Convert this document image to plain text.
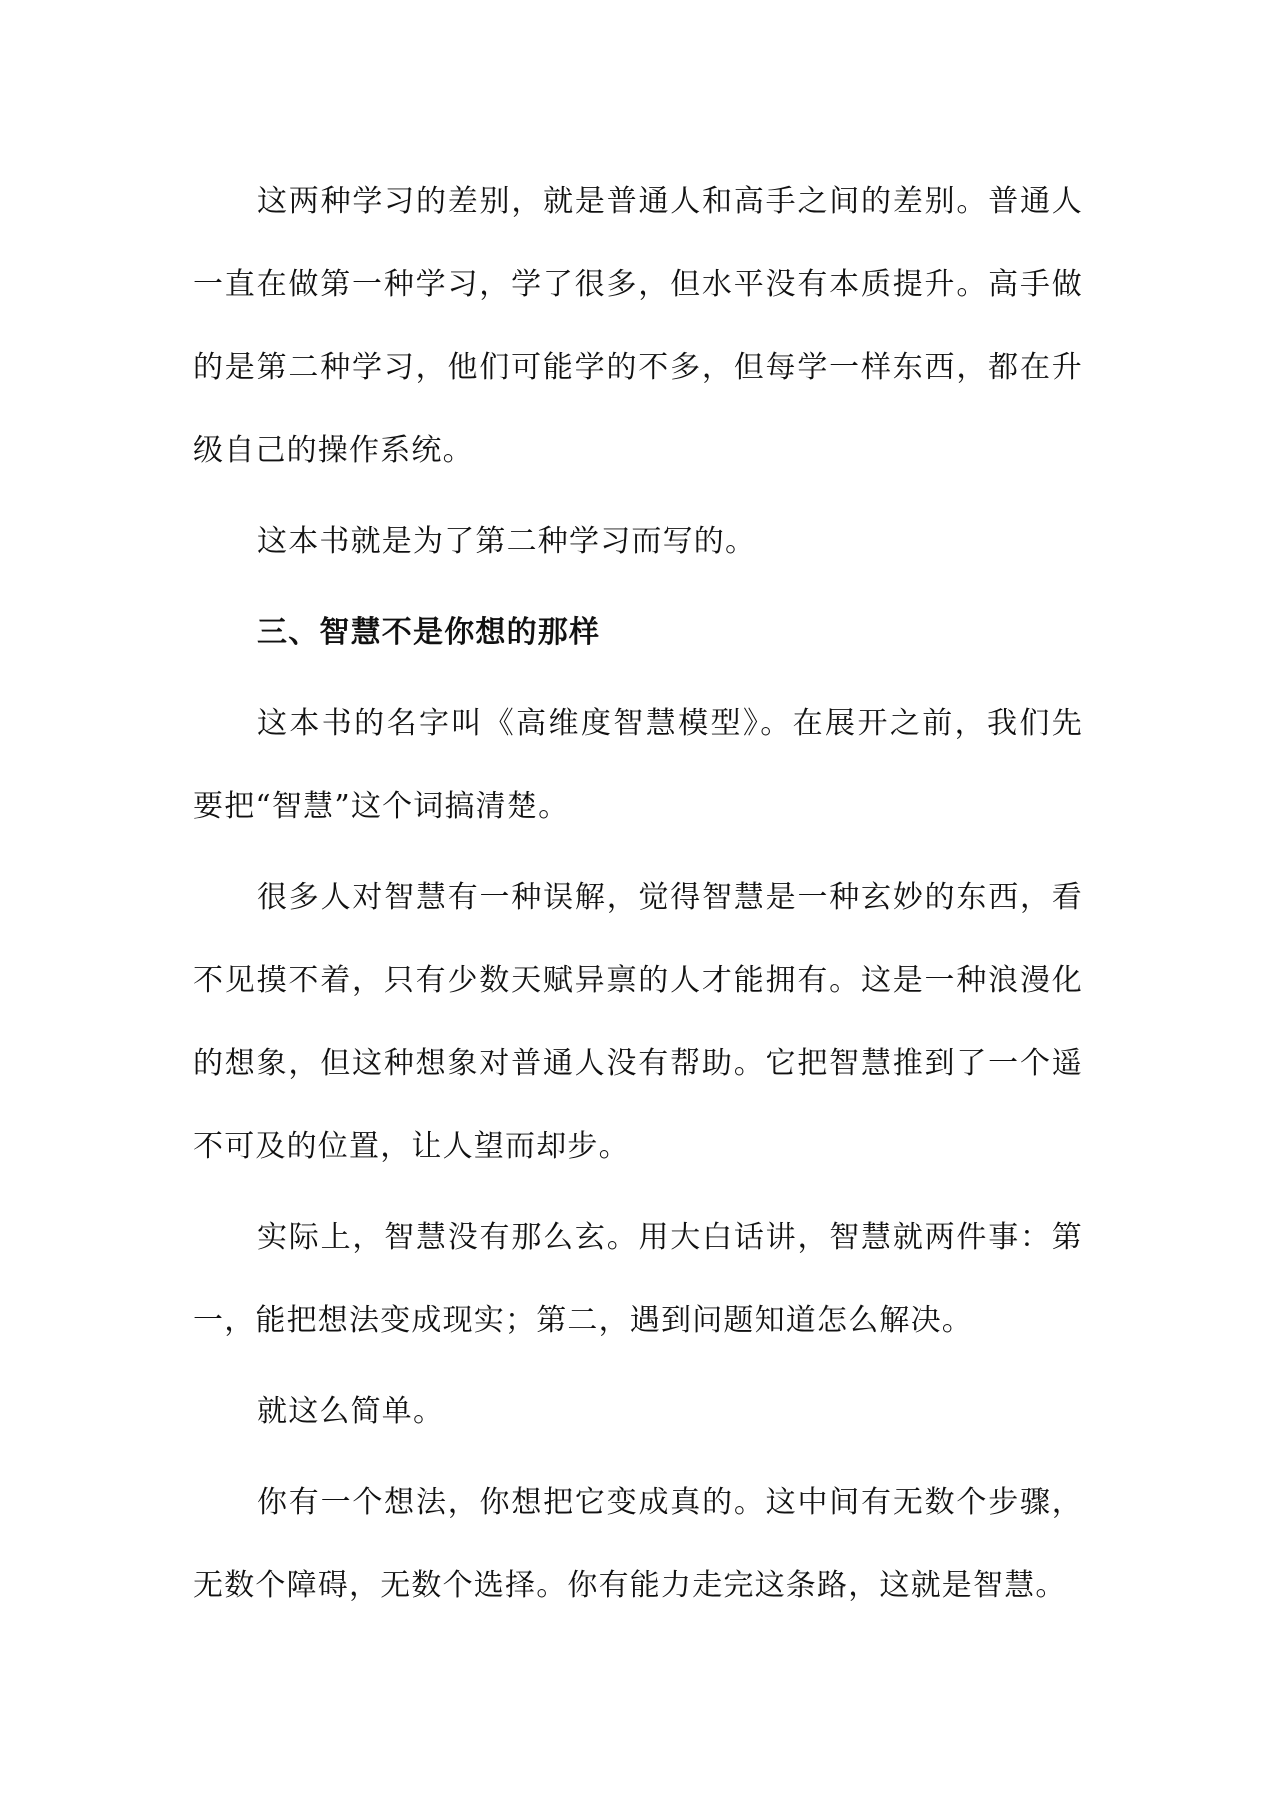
这两种学习的差别，就是普通人和高手之间的差别。普通人一直在做第一种学习，学了很多，但水平没有本质提升。高手做的是第二种学习，他们可能学的不多，但每学一样东西，都在升级自己的操作系统。

这本书就是为了第二种学习而写的。

三、智慧不是你想的那样

这本书的名字叫《高维度智慧模型》。在展开之前，我们先要把“智慧”这个词搞清楚。

很多人对智慧有一种误解，觉得智慧是一种玄妙的东西，看不见摸不着，只有少数天赋异禀的人才能拥有。这是一种浪漫化的想象，但这种想象对普通人没有帮助。它把智慧推到了一个遥不可及的位置，让人望而却步。

实际上，智慧没有那么玄。用大白话讲，智慧就两件事：第一，能把想法变成现实；第二，遇到问题知道怎么解决。

就这么简单。

你有一个想法，你想把它变成真的。这中间有无数个步骤，无数个障碍，无数个选择。你有能力走完这条路，这就是智慧。
